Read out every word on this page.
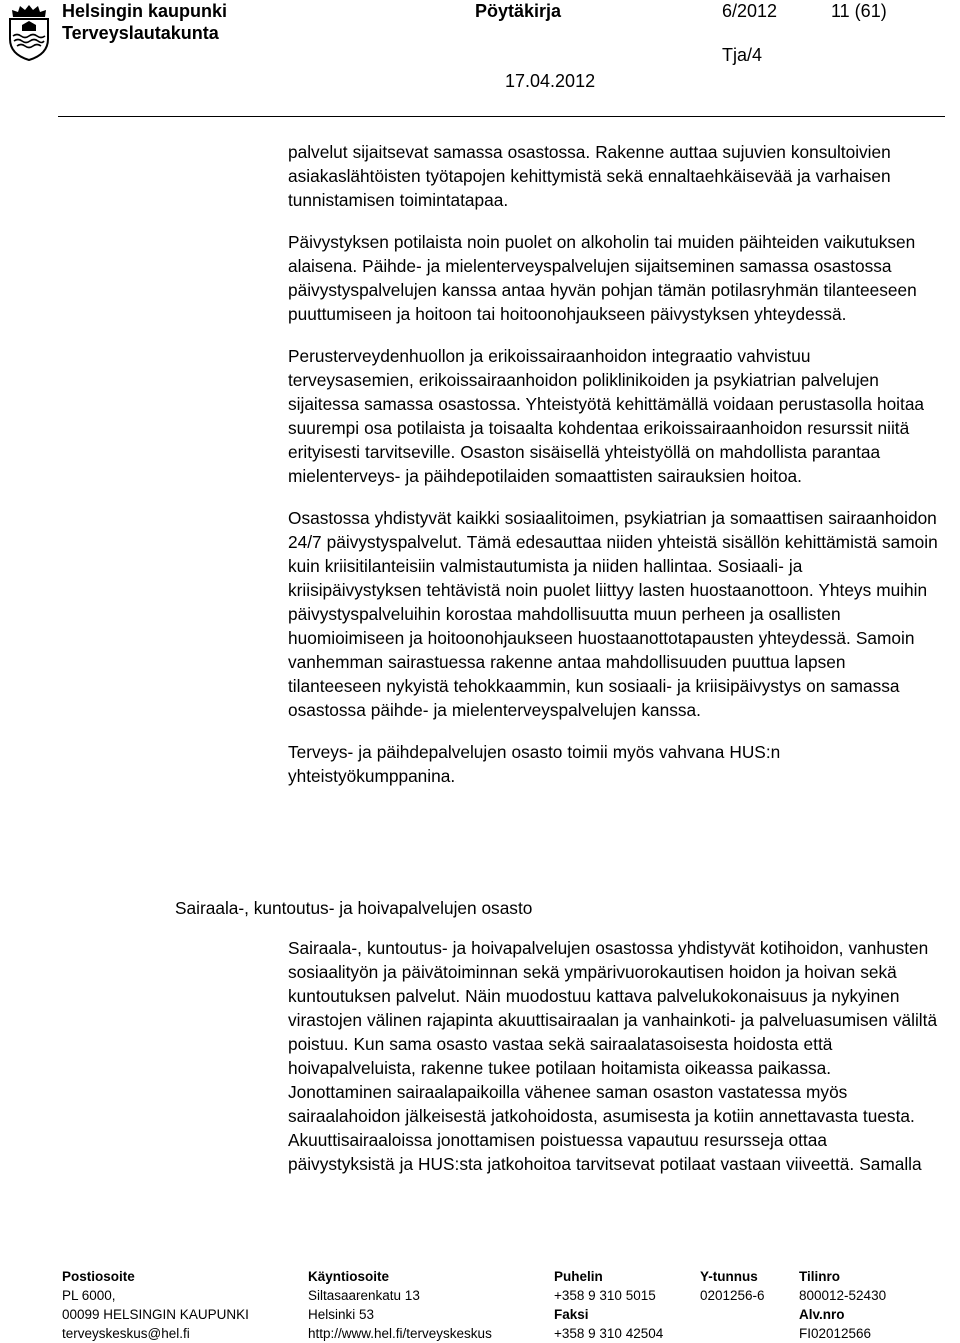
Helsingin kaupunki
Terveyslautakunta
Pöytäkirja	6/2012	11 (61)
Tja/4
17.04.2012

palvelut sijaitsevat samassa osastossa. Rakenne auttaa sujuvien konsultoivien asiakaslähtöisten työtapojen kehittymistä sekä ennaltaehkäisevää ja varhaisen tunnistamisen toimintatapaa.

Päivystyksen potilaista noin puolet on alkoholin tai muiden päihteiden vaikutuksen alaisena. Päihde- ja mielenterveyspalvelujen sijaitseminen samassa osastossa päivystyspalvelujen kanssa antaa hyvän pohjan tämän potilasryhmän tilanteeseen puuttumiseen ja hoitoon tai hoitoonohjaukseen päivystyksen yhteydessä.

Perusterveydenhuollon ja erikoissairaanhoidon integraatio vahvistuu terveysasemien, erikoissairaanhoidon poliklinikoiden ja psykiatrian palvelujen sijaitessa samassa osastossa. Yhteistyötä kehittämällä voidaan perustasolla hoitaa suurempi osa potilaista ja toisaalta kohdentaa erikoissairaanhoidon resurssit niitä erityisesti tarvitseville. Osaston sisäisellä yhteistyöllä on mahdollista parantaa mielenterveys- ja päihdepotilaiden somaattisten sairauksien hoitoa.

Osastossa yhdistyvät kaikki sosiaalitoimen, psykiatrian ja somaattisen sairaanhoidon 24/7 päivystyspalvelut. Tämä edesauttaa niiden yhteistä sisällön kehittämistä samoin kuin kriisitilanteisiin valmistautumista ja niiden hallintaa. Sosiaali- ja kriisipäivystyksen tehtävistä noin puolet liittyy lasten huostaanottoon. Yhteys muihin päivystyspalveluihin korostaa mahdollisuutta muun perheen ja osallisten huomioimiseen ja hoitoonohjaukseen huostaanottotapausten yhteydessä. Samoin vanhemman sairastuessa rakenne antaa mahdollisuuden puuttua lapsen tilanteeseen nykyistä tehokkaammin, kun sosiaali- ja kriisipäivystys on samassa osastossa päihde- ja mielenterveyspalvelujen kanssa.

Terveys- ja päihdepalvelujen osasto toimii myös vahvana HUS:n yhteistyökumppanina.

Sairaala-, kuntoutus- ja hoivapalvelujen osasto

Sairaala-, kuntoutus- ja hoivapalvelujen osastossa yhdistyvät kotihoidon, vanhusten sosiaalityön ja päivätoiminnan sekä ympärivuorokautisen hoidon ja hoivan sekä kuntoutuksen palvelut. Näin muodostuu kattava palvelukokonaisuus ja nykyinen virastojen välinen rajapinta akuuttisairaalan ja vanhainkoti- ja palveluasumisen väliltä poistuu. Kun sama osasto vastaa sekä sairaalatasoisesta hoidosta että hoivapalveluista, rakenne tukee potilaan hoitamista oikeassa paikassa. Jonottaminen sairaalapaikoilla vähenee saman osaston vastatessa myös sairaalahoidon jälkeisestä jatkohoidosta, asumisesta ja kotiin annettavasta tuesta. Akuuttisairaaloissa jonottamisen poistuessa vapautuu resursseja ottaa päivystyksistä ja HUS:sta jatkohoitoa tarvitsevat potilaat vastaan viiveettä. Samalla

Postiosoite
PL 6000,
00099 HELSINGIN KAUPUNKI
terveyskeskus@hel.fi
Käyntiosoite
Siltasaarenkatu 13
Helsinki 53
http://www.hel.fi/terveyskeskus
Puhelin
+358 9 310 5015
Faksi
+358 9 310 42504
Y-tunnus
0201256-6
Tilinro
800012-52430
Alv.nro
FI02012566
